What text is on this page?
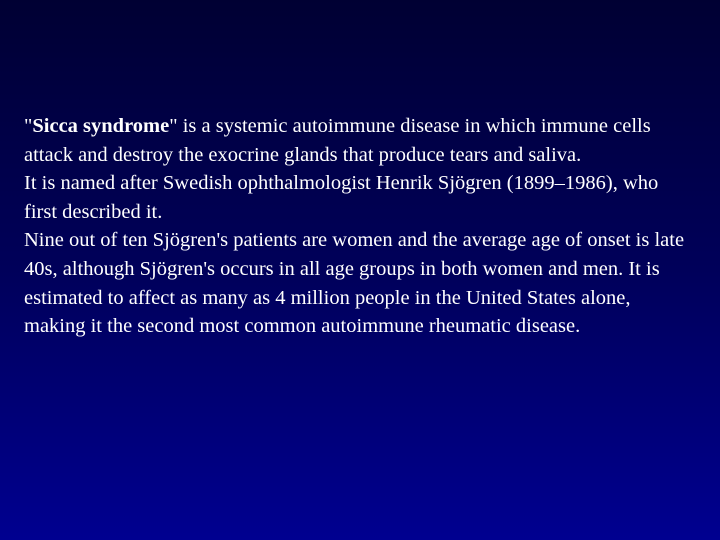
"Sicca syndrome" is a systemic autoimmune disease in which immune cells attack and destroy the exocrine glands that produce tears and saliva.

It is named after Swedish ophthalmologist Henrik Sjögren (1899–1986), who first described it.

Nine out of ten Sjögren's patients are women and the average age of onset is late 40s, although Sjögren's occurs in all age groups in both women and men. It is estimated to affect as many as 4 million people in the United States alone, making it the second most common autoimmune rheumatic disease.
